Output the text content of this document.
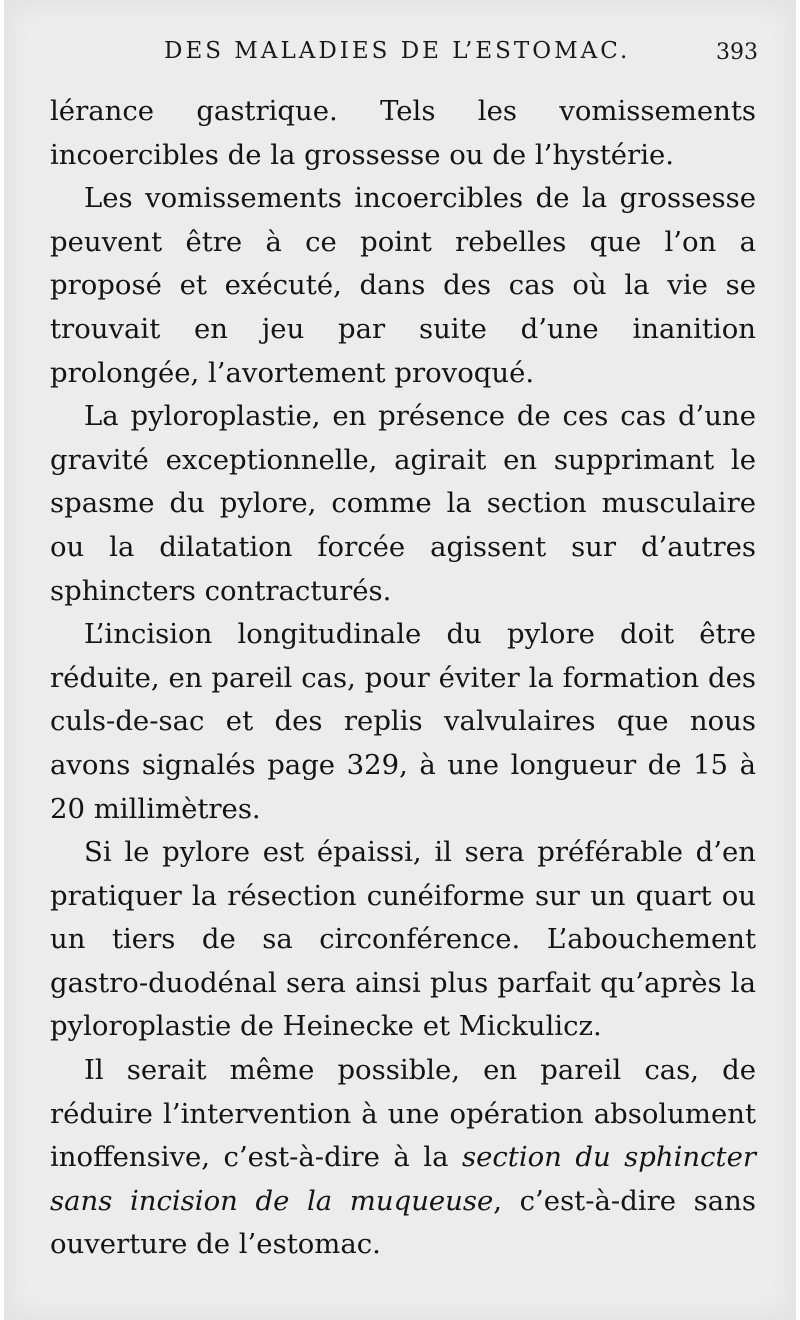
DES MALADIES DE L’ESTOMAC.	393

lérance gastrique. Tels les vomissements incoercibles de la grossesse ou de l’hystérie.

Les vomissements incoercibles de la grossesse peuvent être à ce point rebelles que l’on a proposé et exécuté, dans des cas où la vie se trouvait en jeu par suite d’une inanition prolongée, l’avortement provoqué.

La pyloroplastie, en présence de ces cas d’une gravité exceptionnelle, agirait en supprimant le spasme du pylore, comme la section musculaire ou la dilatation forcée agissent sur d’autres sphincters contracturés.

L’incision longitudinale du pylore doit être réduite, en pareil cas, pour éviter la formation des culs-de-sac et des replis valvulaires que nous avons signalés page 329, à une longueur de 15 à 20 millimètres.

Si le pylore est épaissi, il sera préférable d’en pratiquer la résection cunéiforme sur un quart ou un tiers de sa circonférence. L’abouchement gastro-duodénal sera ainsi plus parfait qu’après la pyloroplastie de Heinecke et Mickulicz.

Il serait même possible, en pareil cas, de réduire l’intervention à une opération absolument inoffensive, c’est-à-dire à la section du sphincter sans incision de la muqueuse, c’est-à-dire sans ouverture de l’estomac.
